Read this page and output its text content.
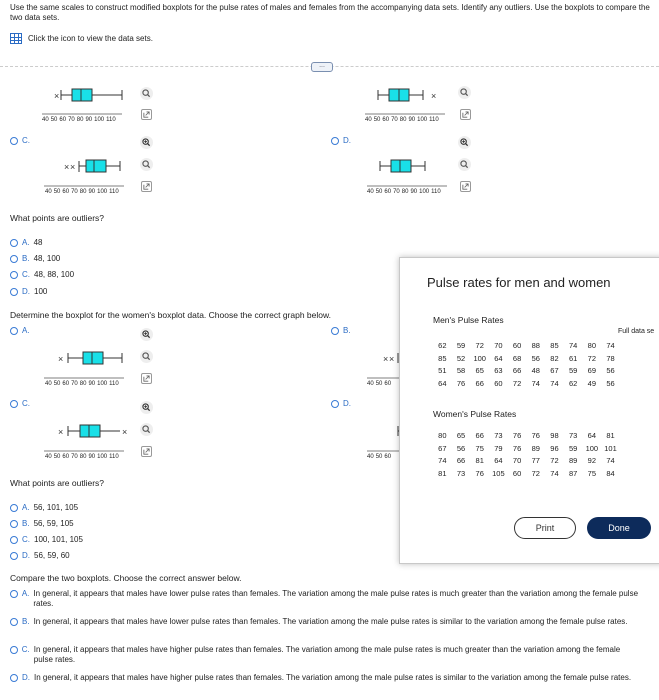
Use the same scales to construct modified boxplots for the pulse rates of males and females from the accompanying data sets. Identify any outliers. Use the boxplots to compare the two data sets.
Click the icon to view the data sets.
...
×
40 50 60 70 80 90 100 110
×
40 50 60 70 80 90 100 110
C.	D.
× ×
40 50 60 70 80 90 100 110	40 50 60 70 80 90 100 110
What points are outliers?
A. 48
B. 48, 100
C. 48, 88, 100
D. 100
Determine the boxplot for the women's boxplot data. Choose the correct graph below.
A.	B.
×
40 50 60 70 80 90 100 110
× ×
40 50 60
C.	D.
×	×
40 50 60 70 80 90 100 110	40 50 60
What points are outliers?
A. 56, 101, 105
B. 56, 59, 105
C. 100, 101, 105
D. 56, 59, 60
Compare the two boxplots. Choose the correct answer below.
A. In general, it appears that males have lower pulse rates than females. The variation among the male pulse rates is much greater than the variation among the female pulse rates.
B. In general, it appears that males have lower pulse rates than females. The variation among the male pulse rates is similar to the variation among the female pulse rates.
C. In general, it appears that males have higher pulse rates than females. The variation among the male pulse rates is much greater than the variation among the female pulse rates.
D. In general, it appears that males have higher pulse rates than females. The variation among the male pulse rates is similar to the variation among the female pulse rates.
Pulse rates for men and women
Men's Pulse Rates
Full data se
62	59	72	70	60	88	85	74	80	74
85	52	100	64	68	56	82	61	72	78
51	58	65	63	66	48	67	59	69	56
64	76	66	60	72	74	74	62	49	56
Women's Pulse Rates
80	65	66	73	76	76	98	73	64	81
67	56	75	79	76	89	96	59	100 101
74	66	81	64	70	77	72	89	92	74
81	73	76	105	60	72	74	87	75	84
Print	Done
